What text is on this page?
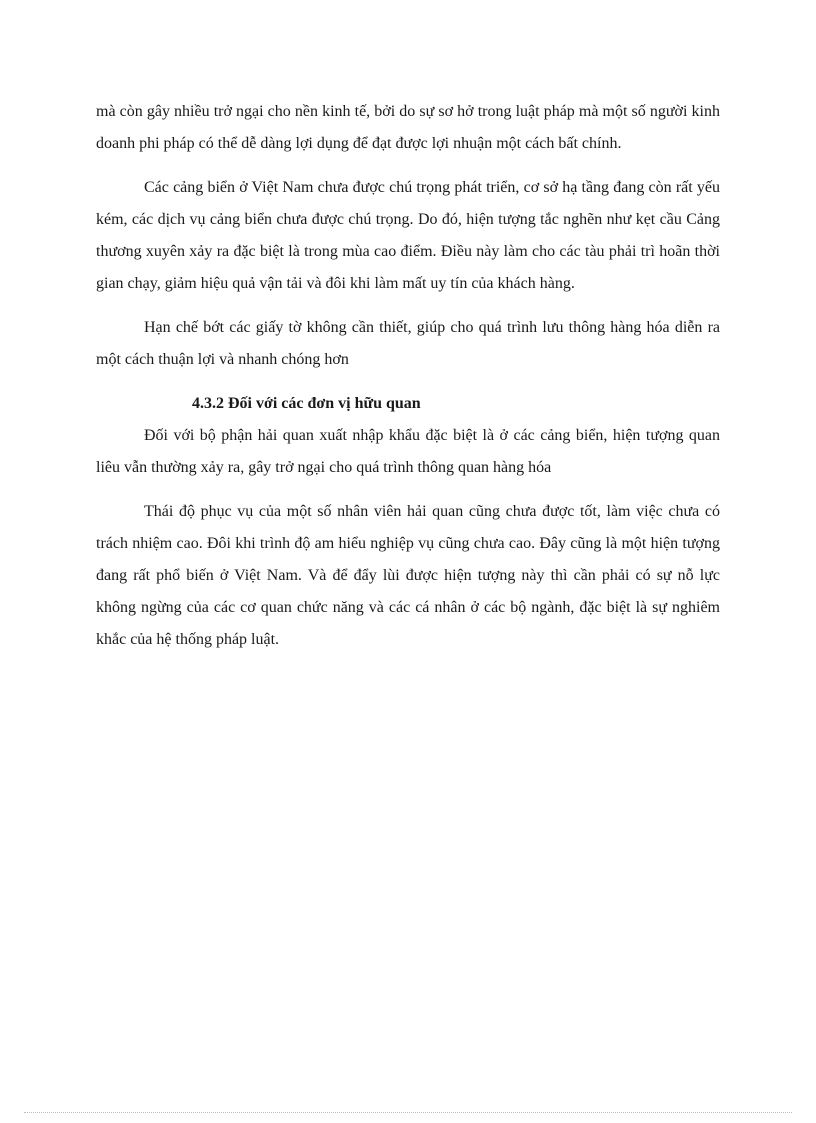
mà còn gây nhiều trở ngại cho nền kinh tế, bởi do sự sơ hở trong luật pháp mà một số người kinh doanh phi pháp có thể dễ dàng lợi dụng để đạt được lợi nhuận một cách bất chính.

Các cảng biển ở Việt Nam chưa được chú trọng phát triển, cơ sở hạ tầng đang còn rất yếu kém, các dịch vụ cảng biển chưa được chú trọng. Do đó, hiện tượng tắc nghẽn như kẹt cầu Cảng thương xuyên xảy ra đặc biệt là trong mùa cao điểm. Điều này làm cho các tàu phải trì hoãn thời gian chạy, giảm hiệu quả vận tải và đôi khi làm mất uy tín của khách hàng.

Hạn chế bớt các giấy tờ không cần thiết, giúp cho quá trình lưu thông hàng hóa diễn ra một cách thuận lợi và nhanh chóng hơn

4.3.2 Đối với các đơn vị hữu quan

Đối với bộ phận hải quan xuất nhập khẩu đặc biệt là ở các cảng biển, hiện tượng quan liêu vẫn thường xảy ra, gây trở ngại cho quá trình thông quan hàng hóa

Thái độ phục vụ của một số nhân viên hải quan cũng chưa được tốt, làm việc chưa có trách nhiệm cao. Đôi khi trình độ am hiểu nghiệp vụ cũng chưa cao. Đây cũng là một hiện tượng đang rất phổ biến ở Việt Nam. Và để đẩy lùi được hiện tượng này thì cần phải có sự nỗ lực không ngừng của các cơ quan chức năng và các cá nhân ở các bộ ngành, đặc biệt là sự nghiêm khắc của hệ thống pháp luật.
